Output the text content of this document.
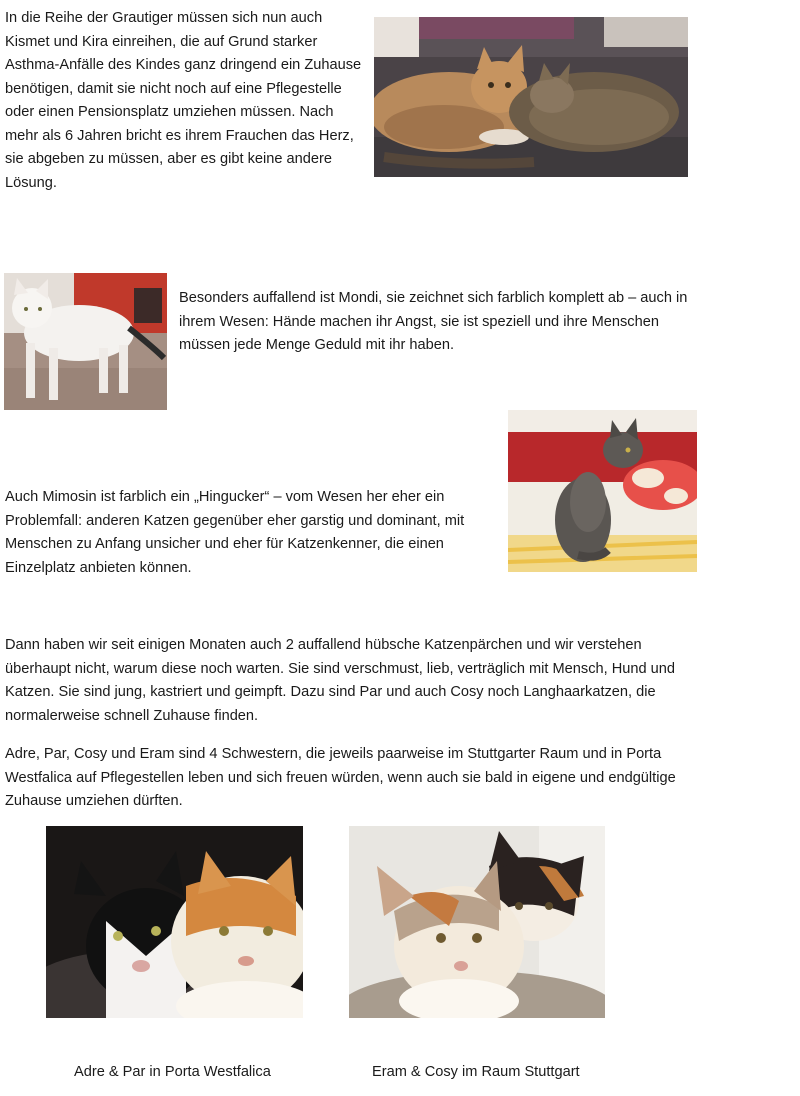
In die Reihe der Grautiger müssen sich nun auch Kismet und Kira einreihen, die auf Grund starker Asthma-Anfälle des Kindes ganz dringend ein Zuhause benötigen, damit sie nicht noch auf eine Pflegestelle oder einen Pensionsplatz umziehen müssen. Nach mehr als 6 Jahren bricht es ihrem Frauchen das Herz, sie abgeben zu müssen, aber es gibt keine andere Lösung.

Besonders auffallend ist Mondi, sie zeichnet sich farblich komplett ab – auch in ihrem Wesen: Hände machen ihr Angst, sie ist speziell und ihre Menschen müssen jede Menge Geduld mit ihr haben.

Auch Mimosin ist farblich ein „Hingucker“ – vom Wesen her eher ein Problemfall: anderen Katzen gegenüber eher garstig und dominant, mit Menschen zu Anfang unsicher und eher für Katzenkenner, die einen Einzelplatz anbieten können.

Dann haben wir seit einigen Monaten auch 2 auffallend hübsche Katzenpärchen und wir verstehen überhaupt nicht, warum diese noch warten. Sie sind verschmust, lieb, verträglich mit Mensch, Hund und Katzen. Sie sind jung, kastriert und geimpft. Dazu sind Par und auch Cosy noch Langhaarkatzen, die normalerweise schnell Zuhause finden.

Adre, Par, Cosy und Eram sind 4 Schwestern, die jeweils paarweise im Stuttgarter Raum und in Porta Westfalica auf Pflegestellen leben und sich freuen würden, wenn auch sie bald in eigene und endgültige Zuhause umziehen dürften.

Adre & Par in Porta Westfalica	Eram & Cosy im Raum Stuttgart
